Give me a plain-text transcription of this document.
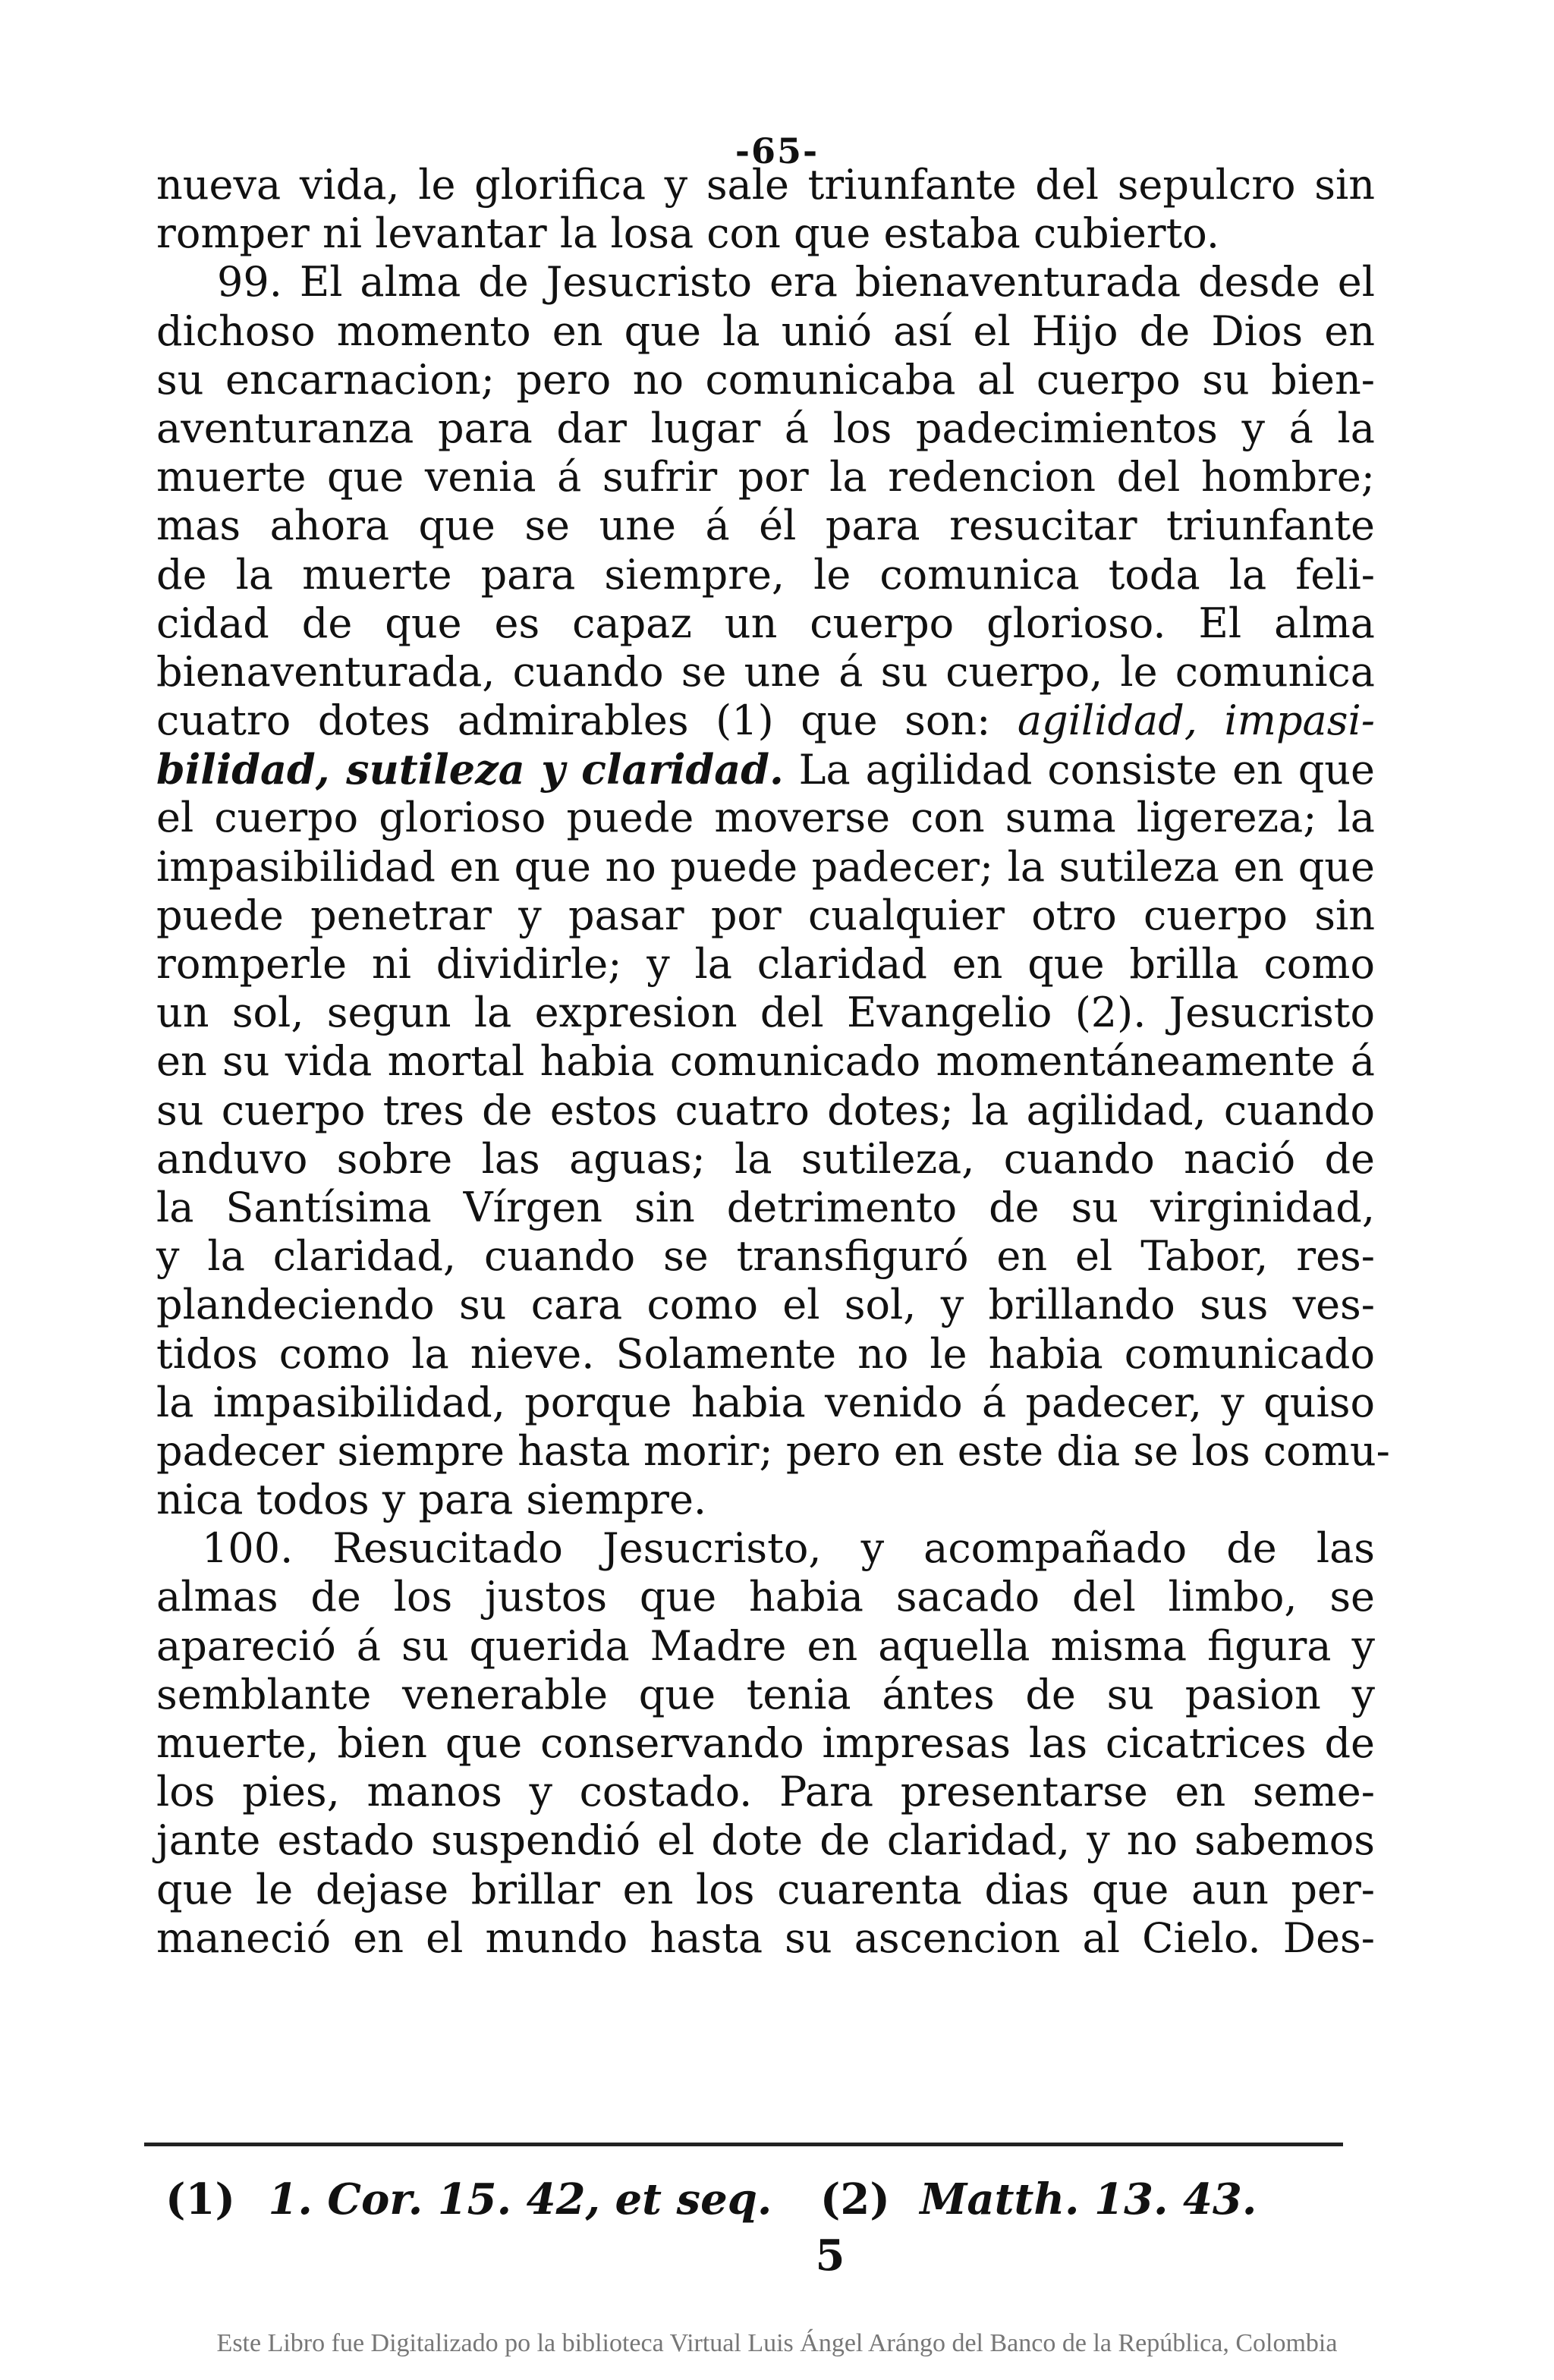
-65-
nueva vida, le glorifica y sale triunfante del sepulcro sin
romper ni levantar la losa con que estaba cubierto.
99. El alma de Jesucristo era bienaventurada desde el
dichoso momento en que la unió así el Hijo de Dios en
su encarnacion; pero no comunicaba al cuerpo su bien-
aventuranza para dar lugar á los padecimientos y á la
muerte que venia á sufrir por la redencion del hombre;
mas ahora que se une á él para resucitar triunfante
de la muerte para siempre, le comunica toda la feli-
cidad de que es capaz un cuerpo glorioso. El alma
bienaventurada, cuando se une á su cuerpo, le comunica
cuatro dotes admirables (1) que son: agilidad, impasi-
bilidad, sutileza y claridad. La agilidad consiste en que
el cuerpo glorioso puede moverse con suma ligereza; la
impasibilidad en que no puede padecer; la sutileza en que
puede penetrar y pasar por cualquier otro cuerpo sin
romperle ni dividirle; y la claridad en que brilla como
un sol, segun la expresion del Evangelio (2). Jesucristo
en su vida mortal habia comunicado momentáneamente á
su cuerpo tres de estos cuatro dotes; la agilidad, cuando
anduvo sobre las aguas; la sutileza, cuando nació de
la Santísima Vírgen sin detrimento de su virginidad,
y la claridad, cuando se transfiguró en el Tabor, res-
plandeciendo su cara como el sol, y brillando sus ves-
tidos como la nieve. Solamente no le habia comunicado
la impasibilidad, porque habia venido á padecer, y quiso
padecer siempre hasta morir; pero en este dia se los comu-
nica todos y para siempre.
100. Resucitado Jesucristo, y acompañado de las
almas de los justos que habia sacado del limbo, se
apareció á su querida Madre en aquella misma figura y
semblante venerable que tenia ántes de su pasion y
muerte, bien que conservando impresas las cicatrices de
los pies, manos y costado. Para presentarse en seme-
jante estado suspendió el dote de claridad, y no sabemos
que le dejase brillar en los cuarenta dias que aun per-
maneció en el mundo hasta su ascencion al Cielo. Des-
(1) 1. Cor. 15. 42, et seq. (2) Matth. 13. 43.
5
Este Libro fue Digitalizado po la biblioteca Virtual Luis Ángel Arángo del Banco de la República, Colombia
